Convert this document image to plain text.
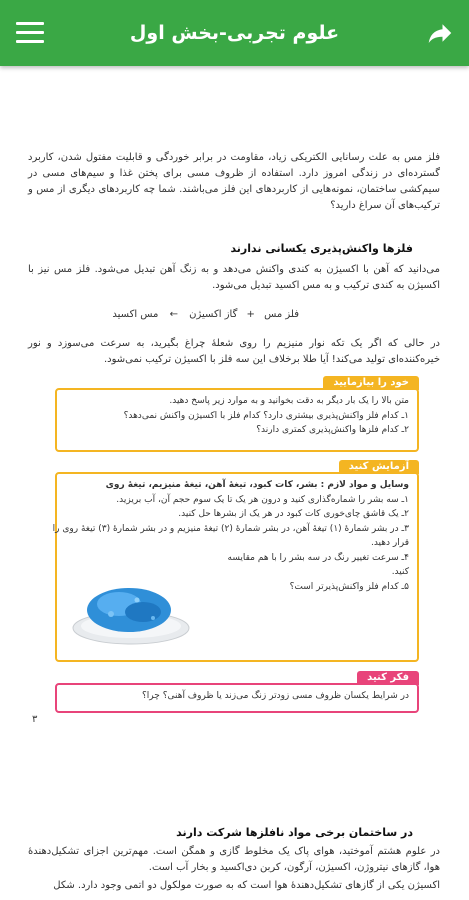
علوم تجربی-بخش اول
فلز مس به علت رسانایی الکتریکی زیاد، مقاومت در برابر خوردگی و قابلیت مفتول شدن، کاربرد گسترده‌ای در زندگی امروز دارد. استفاده از ظروف مسی برای پختن غذا و سیم‌های مسی در سیم‌کشی ساختمان، نمونه‌هایی از کاربردهای این فلز می‌باشند. شما چه کاربردهای دیگری از مس و ترکیب‌های آن سراغ دارید؟
فلزها واکنش‌پذیری یکسانی ندارند
می‌دانید که آهن با اکسیژن به کندی واکنش می‌دهد و به زنگ آهن تبدیل می‌شود. فلز مس نیز با اکسیژن به کندی ترکیب و به مس اکسید تبدیل می‌شود.
فلز مس + گاز اکسیژن ← مس اکسید
در حالی که اگر یک تکه نوار منیزیم را روی شعلهٔ چراغ بگیرید، به سرعت می‌سوزد و نور خیره‌کننده‌ای تولید می‌کند! آیا طلا برخلاف این سه فلز با اکسیژن ترکیب نمی‌شود.
خود را بیازمایید
متن بالا را یک بار دیگر به دقت بخوانید و به موارد زیر پاسخ دهید.
۱ـ کدام فلز واکنش‌پذیری بیشتری دارد؟ کدام فلز با اکسیژن واکنش نمی‌دهد؟
۲ـ کدام فلزها واکنش‌پذیری کمتری دارند؟
آزمایش کنید
وسایل و مواد لازم : بشر، کات کبود، تیغهٔ آهن، تیغهٔ منیزیم، تیغهٔ روی
۱ـ سه بشر را شماره‌گذاری کنید و درون هر یک تا یک سوم حجم آن، آب بریزید.
۲ـ یک قاشق چای‌خوری کات کبود در هر یک از بشرها حل کنید.
۳ـ در بشر شمارهٔ (۱) تیغهٔ آهن، در بشر شمارهٔ (۲) تیغهٔ منیزیم و در بشر شمارهٔ (۳) تیغهٔ روی را
قرار دهید.
۴ـ سرعت تغییر رنگ در سه بشر را با هم مقایسه
کنید.
۵ـ کدام فلز واکنش‌پذیرتر است؟
فکر کنید
در شرایط یکسان ظروف مسی زودتر زنگ می‌زند یا ظروف آهنی؟ چرا؟
۳
در ساختمان برخی مواد نافلزها شرکت دارند
در علوم هشتم آموختید، هوای پاک یک مخلوط گازی و همگن است. مهم‌ترین اجزای تشکیل‌دهندهٔ هوا، گازهای نیتروژن، اکسیژن، آرگون، کربن دی‌اکسید و بخار آب است.
اکسیژن یکی از گازهای تشکیل‌دهندهٔ هوا است که به صورت مولکول دو اتمی وجود دارد. شکل
